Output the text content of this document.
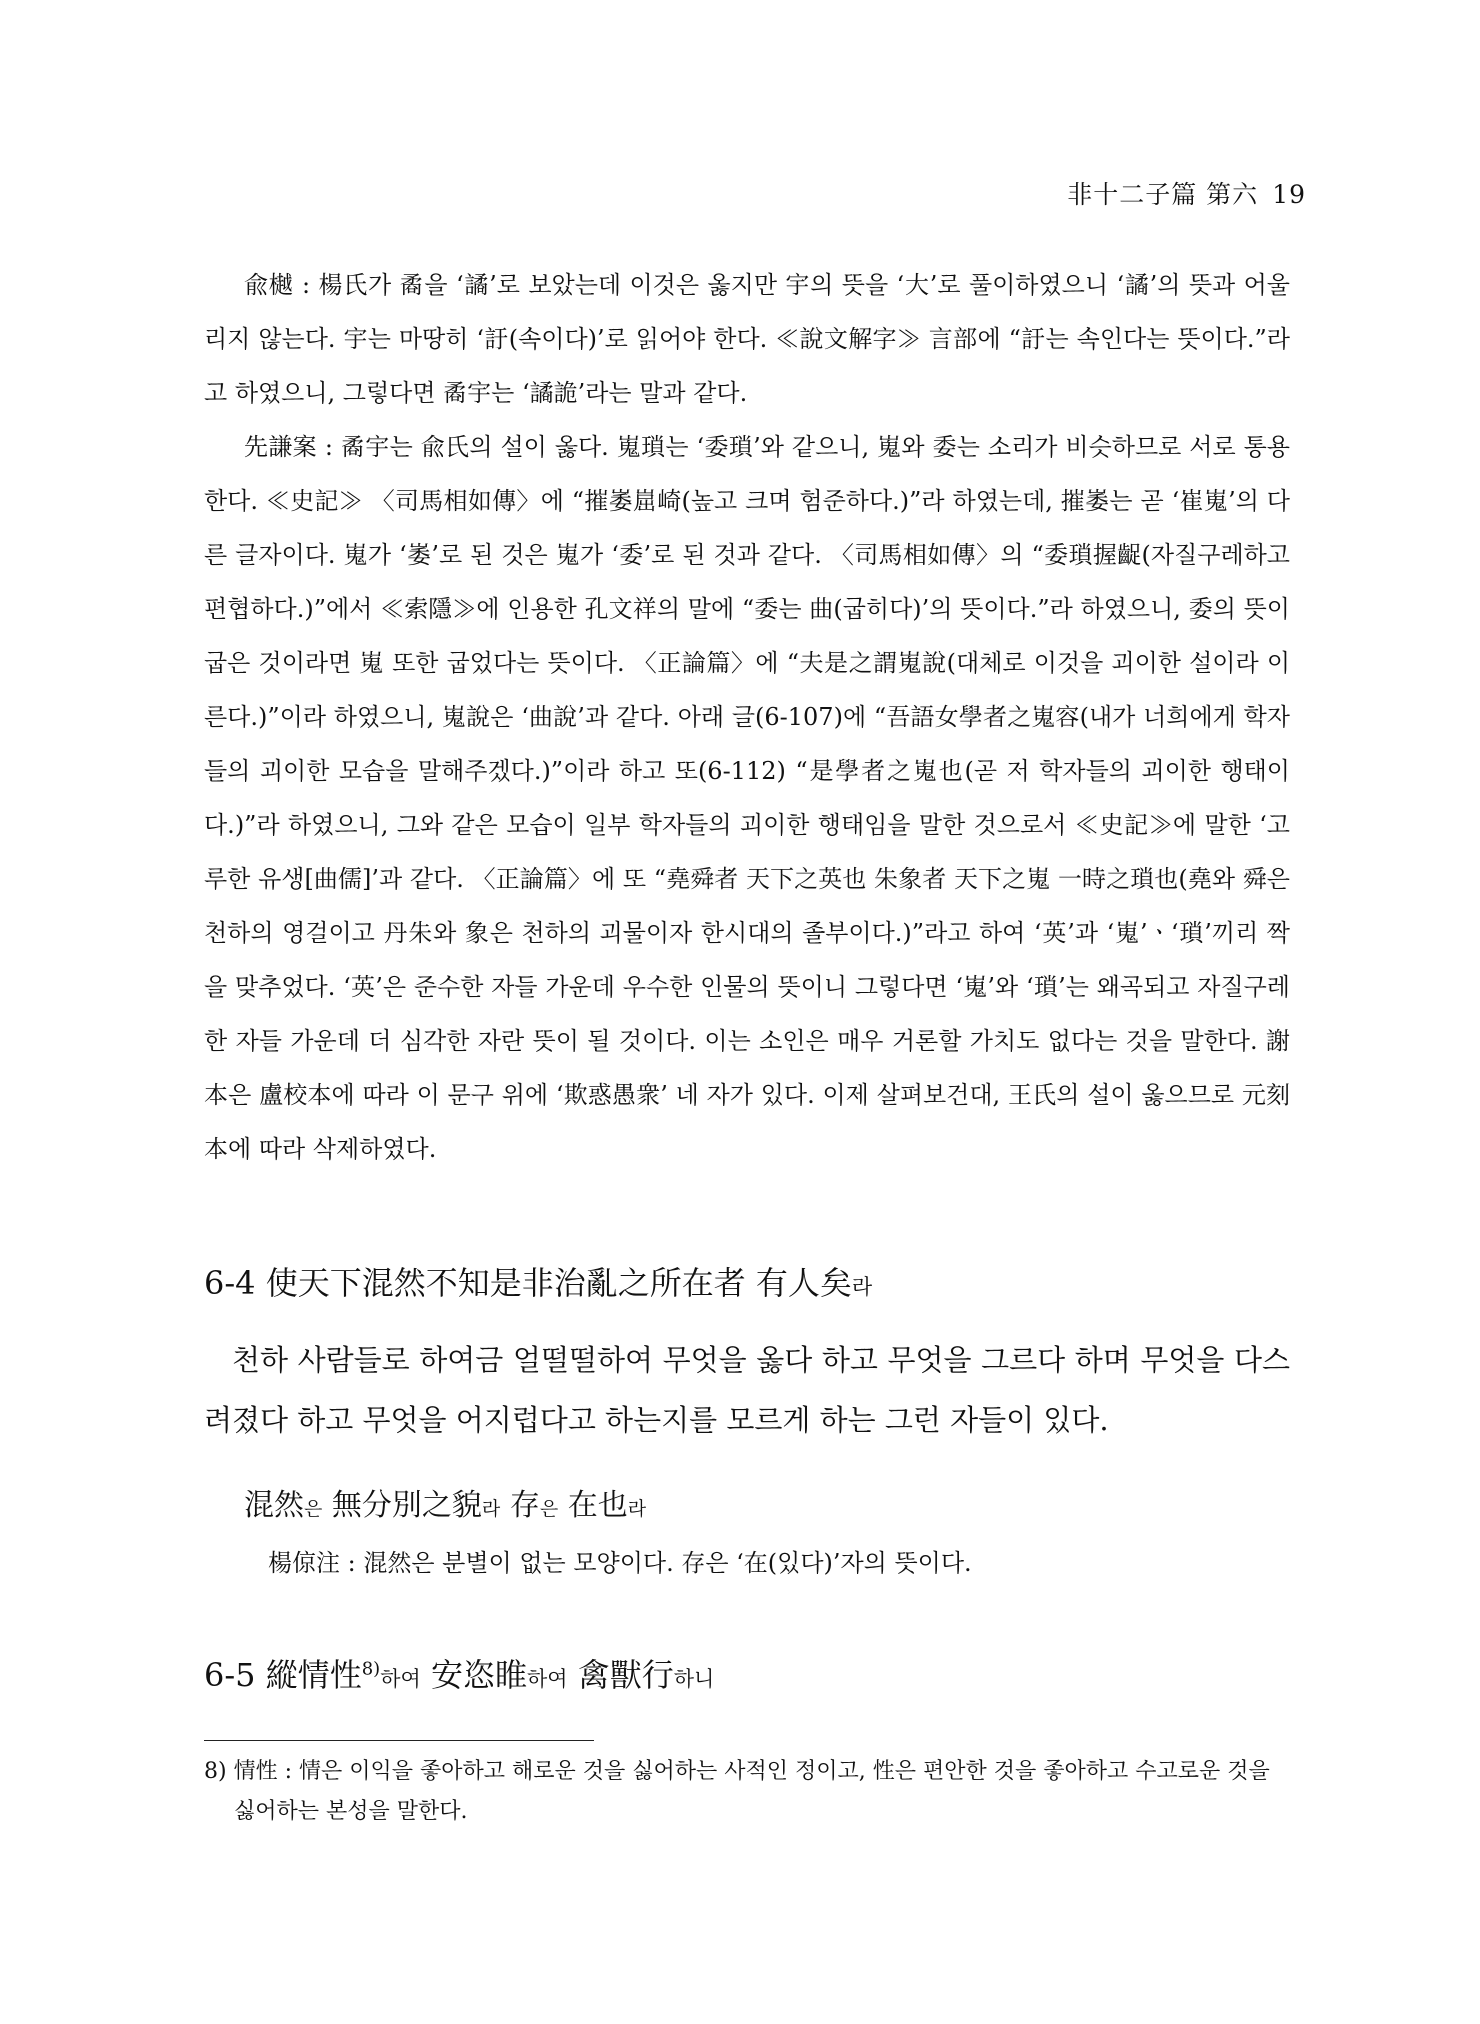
非十二子篇 第六 19

兪樾 : 楊氏가 矞을 ‘譎’로 보았는데 이것은 옳지만 宇의 뜻을 ‘大’로 풀이하였으니 ‘譎’의 뜻과 어울리지 않는다. 宇는 마땅히 ‘訏(속이다)’로 읽어야 한다. ≪說文解字≫ 言部에 “訏는 속인다는 뜻이다.”라고 하였으니, 그렇다면 矞宇는 ‘譎詭’라는 말과 같다.

先謙案 : 矞宇는 兪氏의 설이 옳다. 嵬瑣는 ‘委瑣’와 같으니, 嵬와 委는 소리가 비슷하므로 서로 통용한다. ≪史記≫ 〈司馬相如傳〉에 “摧崣崫崎(높고 크며 험준하다.)”라 하였는데, 摧崣는 곧 ‘崔嵬’의 다른 글자이다. 嵬가 ‘崣’로 된 것은 嵬가 ‘委’로 된 것과 같다. 〈司馬相如傳〉의 “委瑣握齪(자질구레하고 편협하다.)”에서 ≪索隱≫에 인용한 孔文祥의 말에 “委는 曲(굽히다)’의 뜻이다.”라 하였으니, 委의 뜻이 굽은 것이라면 嵬 또한 굽었다는 뜻이다. 〈正論篇〉에 “夫是之謂嵬說(대체로 이것을 괴이한 설이라 이른다.)”이라 하였으니, 嵬說은 ‘曲說’과 같다. 아래 글(6-107)에 “吾語女學者之嵬容(내가 너희에게 학자들의 괴이한 모습을 말해주겠다.)”이라 하고 또(6-112) “是學者之嵬也(곧 저 학자들의 괴이한 행태이다.)”라 하였으니, 그와 같은 모습이 일부 학자들의 괴이한 행태임을 말한 것으로서 ≪史記≫에 말한 ‘고루한 유생[曲儒]’과 같다. 〈正論篇〉에 또 “堯舜者 天下之英也 朱象者 天下之嵬 一時之瑣也(堯와 舜은 천하의 영걸이고 丹朱와 象은 천하의 괴물이자 한시대의 졸부이다.)”라고 하여 ‘英’과 ‘嵬’ㆍ‘瑣’끼리 짝을 맞추었다. ‘英’은 준수한 자들 가운데 우수한 인물의 뜻이니 그렇다면 ‘嵬’와 ‘瑣’는 왜곡되고 자질구레한 자들 가운데 더 심각한 자란 뜻이 될 것이다. 이는 소인은 매우 거론할 가치도 없다는 것을 말한다. 謝本은 盧校本에 따라 이 문구 위에 ‘欺惑愚衆’ 네 자가 있다. 이제 살펴보건대, 王氏의 설이 옳으므로 元刻本에 따라 삭제하였다.

6-4 使天下混然不知是非治亂之所在者 有人矣라

천하 사람들로 하여금 얼떨떨하여 무엇을 옳다 하고 무엇을 그르다 하며 무엇을 다스려졌다 하고 무엇을 어지럽다고 하는지를 모르게 하는 그런 자들이 있다.

混然은 無分別之貌라 存은 在也라
楊倞注 : 混然은 분별이 없는 모양이다. 存은 ‘在(있다)’자의 뜻이다.
6-5 縱情性$^{8)}$하여 安恣睢하여 禽獸行하니

8) 情性 : 情은 이익을 좋아하고 해로운 것을 싫어하는 사적인 정이고, 性은 편안한 것을 좋아하고 수고로운 것을 싫어하는 본성을 말한다.
